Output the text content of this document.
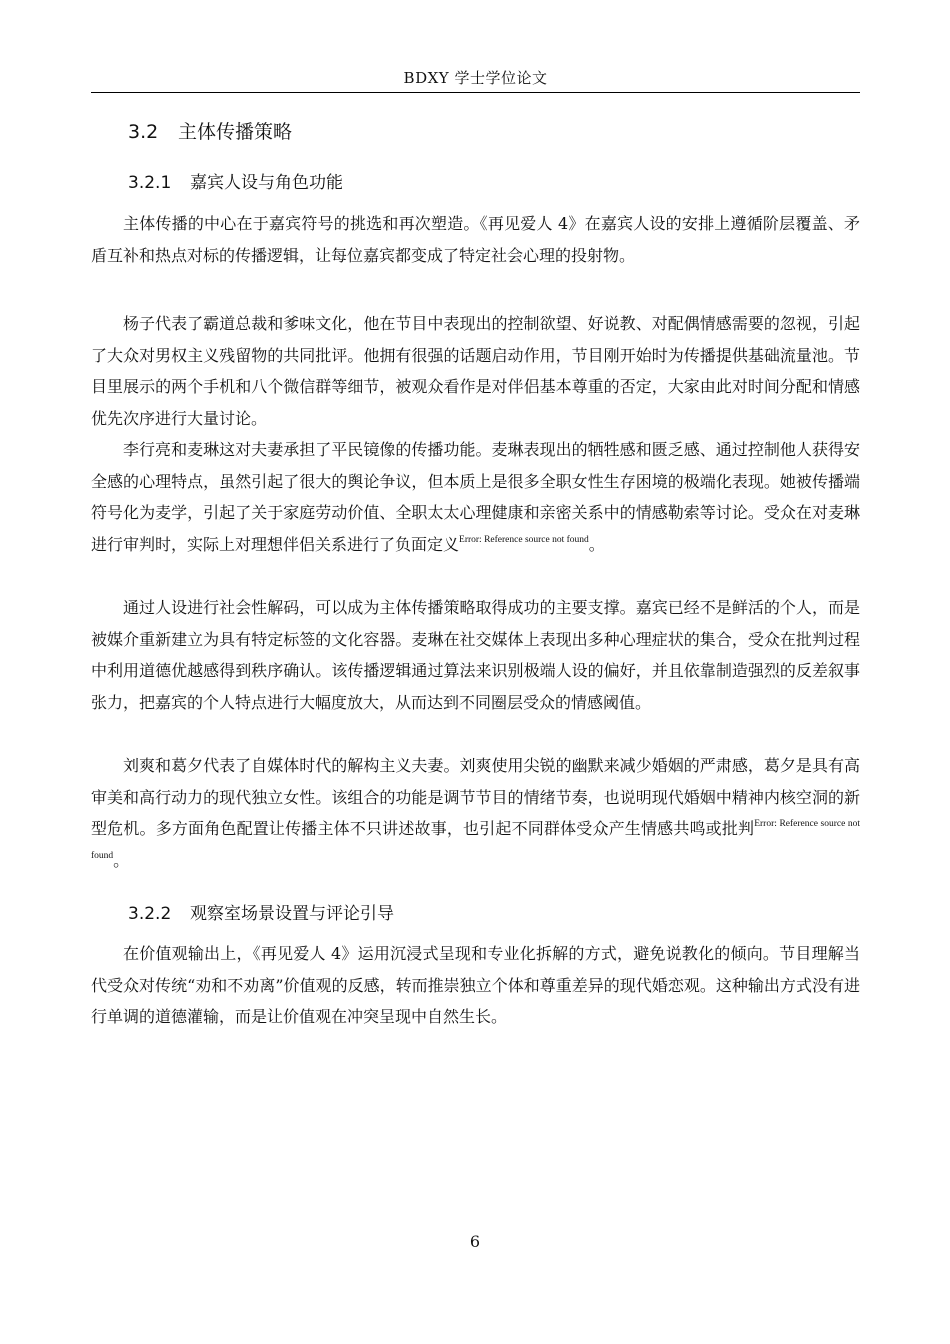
BDXY 学士学位论文
3.2 主体传播策略
3.2.1 嘉宾人设与角色功能

主体传播的中心在于嘉宾符号的挑选和再次塑造。《再见爱人 4》在嘉宾人设的安排上遵循阶层覆盖、矛盾互补和热点对标的传播逻辑，让每位嘉宾都变成了特定社会心理的投射物。

杨子代表了霸道总裁和爹味文化，他在节目中表现出的控制欲望、好说教、对配偶情感需要的忽视，引起了大众对男权主义残留物的共同批评。他拥有很强的话题启动作用，节目刚开始时为传播提供基础流量池。节目里展示的两个手机和八个微信群等细节，被观众看作是对伴侣基本尊重的否定，大家由此对时间分配和情感优先次序进行大量讨论。

李行亮和麦琳这对夫妻承担了平民镜像的传播功能。麦琳表现出的牺牲感和匮乏感、通过控制他人获得安全感的心理特点，虽然引起了很大的舆论争议，但本质上是很多全职女性生存困境的极端化表现。她被传播端符号化为麦学，引起了关于家庭劳动价值、全职太太心理健康和亲密关系中的情感勒索等讨论。受众在对麦琳进行审判时，实际上对理想伴侣关系进行了负面定义$^{Error: Reference source not found}$。

通过人设进行社会性解码，可以成为主体传播策略取得成功的主要支撑。嘉宾已经不是鲜活的个人，而是被媒介重新建立为具有特定标签的文化容器。麦琳在社交媒体上表现出多种心理症状的集合，受众在批判过程中利用道德优越感得到秩序确认。该传播逻辑通过算法来识别极端人设的偏好，并且依靠制造强烈的反差叙事张力，把嘉宾的个人特点进行大幅度放大，从而达到不同圈层受众的情感阈值。

刘爽和葛夕代表了自媒体时代的解构主义夫妻。刘爽使用尖锐的幽默来减少婚姻的严肃感，葛夕是具有高审美和高行动力的现代独立女性。该组合的功能是调节节目的情绪节奏，也说明现代婚姻中精神内核空洞的新型危机。多方面角色配置让传播主体不只讲述故事，也引起不同群体受众产生情感共鸣或批判$^{Error: Reference source not found}$。

3.2.2 观察室场景设置与评论引导

在价值观输出上，《再见爱人 4》运用沉浸式呈现和专业化拆解的方式，避免说教化的倾向。节目理解当代受众对传统“劝和不劝离”价值观的反感，转而推崇独立个体和尊重差异的现代婚恋观。这种输出方式没有进行单调的道德灌输，而是让价值观在冲突呈现中自然生长。

6
